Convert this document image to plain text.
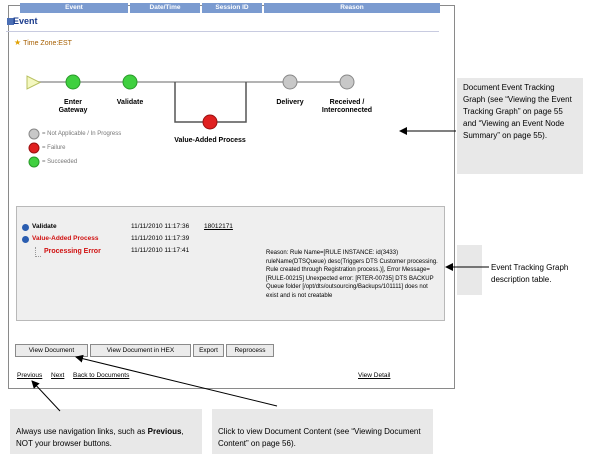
Event
★ Time Zone:EST
Enter
Gateway
Validate
Value-Added Process
Delivery	Received /
Interconnected
= Not Applicable / In Progress
= Failure
= Succeeded
Event	Date/Time	Session ID	Reason
Validate	11/11/2010 11:17:36 18012171
Value-Added Process	11/11/2010 11:17:39
Processing Error	11/11/2010 11:17:41	Reason: Rule Name=[RULE INSTANCE: id(3433) ruleName(DTSQueue) desc(Triggers DTS Customer processing. Rule created through Registration process.)], Error Message=[RULE-00215] Unexpected error: [RTER-00735] DTS BACKUP Queue folder [/opt/dts/outsourcing/Backups/101111] does not exist and is not creatable
View Document	View Document in HEX	Export	Reprocess
Previous Next Back to Documents	View Detail
Document Event Tracking Graph (see “Viewing the Event Tracking Graph” on page 55 and “Viewing an Event Node Summary” on page 55).
Event Tracking Graph description table.
Always use navigation links, such as Previous, NOT your browser buttons.
Click to view Document Content (see “Viewing Document Content” on page 56).
